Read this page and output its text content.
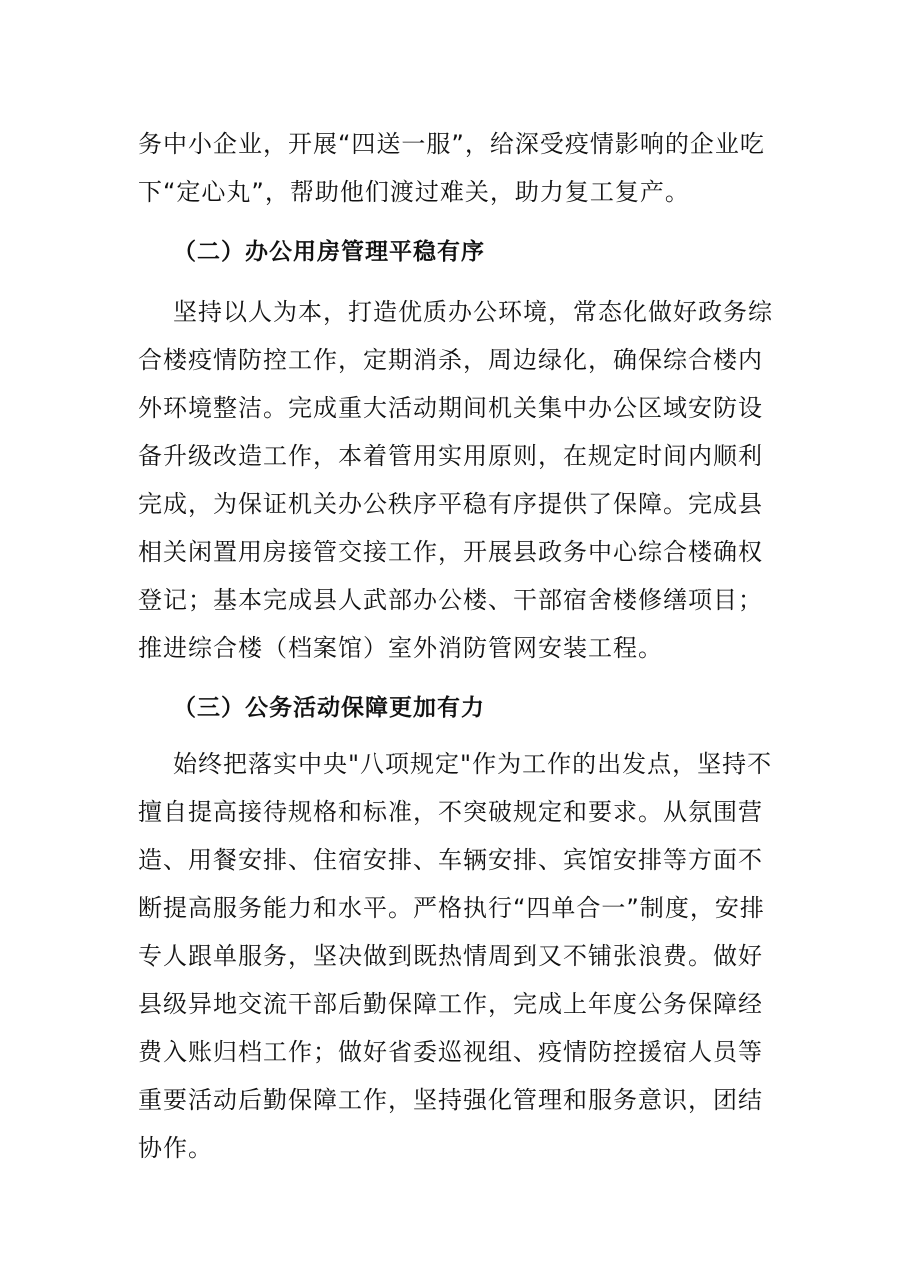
务中小企业，开展“四送一服”，给深受疫情影响的企业吃
下“定心丸”，帮助他们渡过难关，助力复工复产。
（二）办公用房管理平稳有序
坚持以人为本，打造优质办公环境，常态化做好政务综
合楼疫情防控工作，定期消杀，周边绿化，确保综合楼内
外环境整洁。完成重大活动期间机关集中办公区域安防设
备升级改造工作，本着管用实用原则，在规定时间内顺利
完成，为保证机关办公秩序平稳有序提供了保障。完成县
相关闲置用房接管交接工作，开展县政务中心综合楼确权
登记；基本完成县人武部办公楼、干部宿舍楼修缮项目；
推进综合楼（档案馆）室外消防管网安装工程。
（三）公务活动保障更加有力
始终把落实中央"八项规定"作为工作的出发点，坚持不
擅自提高接待规格和标准，不突破规定和要求。从氛围营
造、用餐安排、住宿安排、车辆安排、宾馆安排等方面不
断提高服务能力和水平。严格执行“四单合一”制度，安排
专人跟单服务，坚决做到既热情周到又不铺张浪费。做好
县级异地交流干部后勤保障工作，完成上年度公务保障经
费入账归档工作；做好省委巡视组、疫情防控援宿人员等
重要活动后勤保障工作，坚持强化管理和服务意识，团结
协作。
